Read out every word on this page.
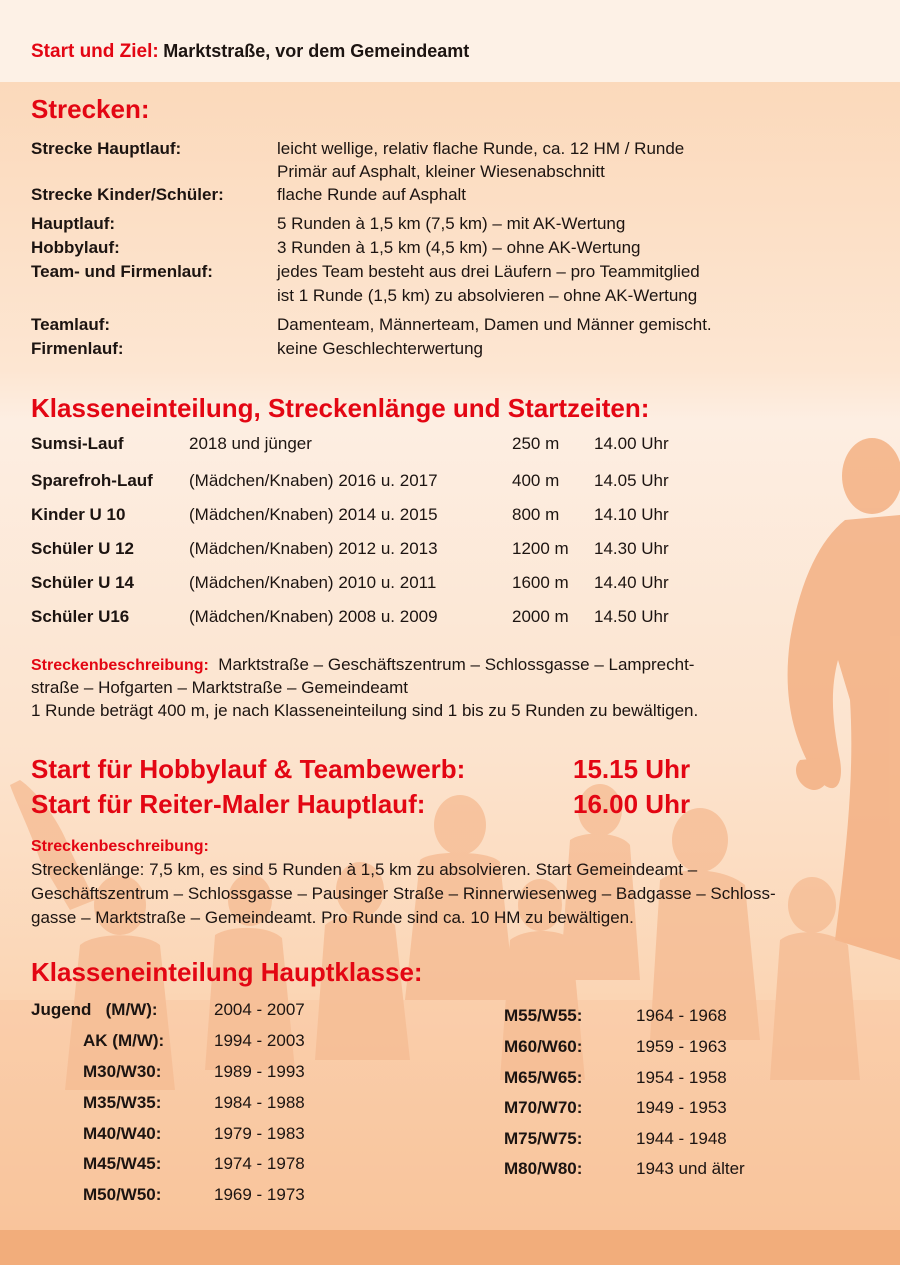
Start und Ziel: Marktstraße, vor dem Gemeindeamt
Strecken:
Strecke Hauptlauf:	leicht wellige, relativ flache Runde, ca. 12 HM / Runde
Primär auf Asphalt, kleiner Wiesenabschnitt
Strecke Kinder/Schüler:	flache Runde auf Asphalt
Hauptlauf:	5 Runden à 1,5 km (7,5 km) – mit AK-Wertung
Hobbylauf:	3 Runden à 1,5 km (4,5 km) – ohne AK-Wertung
Team- und Firmenlauf:	jedes Team besteht aus drei Läufern – pro Teammitglied
ist 1 Runde (1,5 km) zu absolvieren – ohne AK-Wertung
Teamlauf:	Damenteam, Männerteam, Damen und Männer gemischt.
Firmenlauf:	keine Geschlechterwertung
Klasseneinteilung, Streckenlänge und Startzeiten:
Sumsi-Lauf	2018 und jünger	250 m 14.00 Uhr
Sparefroh-Lauf (Mädchen/Knaben) 2016 u. 2017	400 m 14.05 Uhr
Kinder U 10	(Mädchen/Knaben) 2014 u. 2015	800 m 14.10 Uhr
Schüler U 12	(Mädchen/Knaben) 2012 u. 2013	1200 m 14.30 Uhr
Schüler U 14	(Mädchen/Knaben) 2010 u. 2011	1600 m 14.40 Uhr
Schüler U16	(Mädchen/Knaben) 2008 u. 2009	2000 m 14.50 Uhr
Streckenbeschreibung: Marktstraße – Geschäftszentrum – Schlossgasse – Lamprecht-
straße – Hofgarten – Marktstraße – Gemeindeamt
1 Runde beträgt 400 m, je nach Klasseneinteilung sind 1 bis zu 5 Runden zu bewältigen.
Start für Hobbylauf & Teambewerb:	15.15 Uhr
Start für Reiter-Maler Hauptlauf:	16.00 Uhr
Streckenbeschreibung:
Streckenlänge: 7,5 km, es sind 5 Runden à 1,5 km zu absolvieren. Start Gemeindeamt –
Geschäftszentrum – Schlossgasse – Pausinger Straße – Rinnerwiesenweg – Badgasse – Schloss-
gasse – Marktstraße – Gemeindeamt. Pro Runde sind ca. 10 HM zu bewältigen.
Klasseneinteilung Hauptklasse:
Jugend   (M/W):	2004 - 2007
AK (M/W):	1994 - 2003
M30/W30:	1989 - 1993
M35/W35:	1984 - 1988
M40/W40:	1979 - 1983
M45/W45:	1974 - 1978
M50/W50:	1969 - 1973
M55/W55:	1964 - 1968
M60/W60:	1959 - 1963
M65/W65:	1954 - 1958
M70/W70:	1949 - 1953
M75/W75:	1944 - 1948
M80/W80:	1943 und älter
